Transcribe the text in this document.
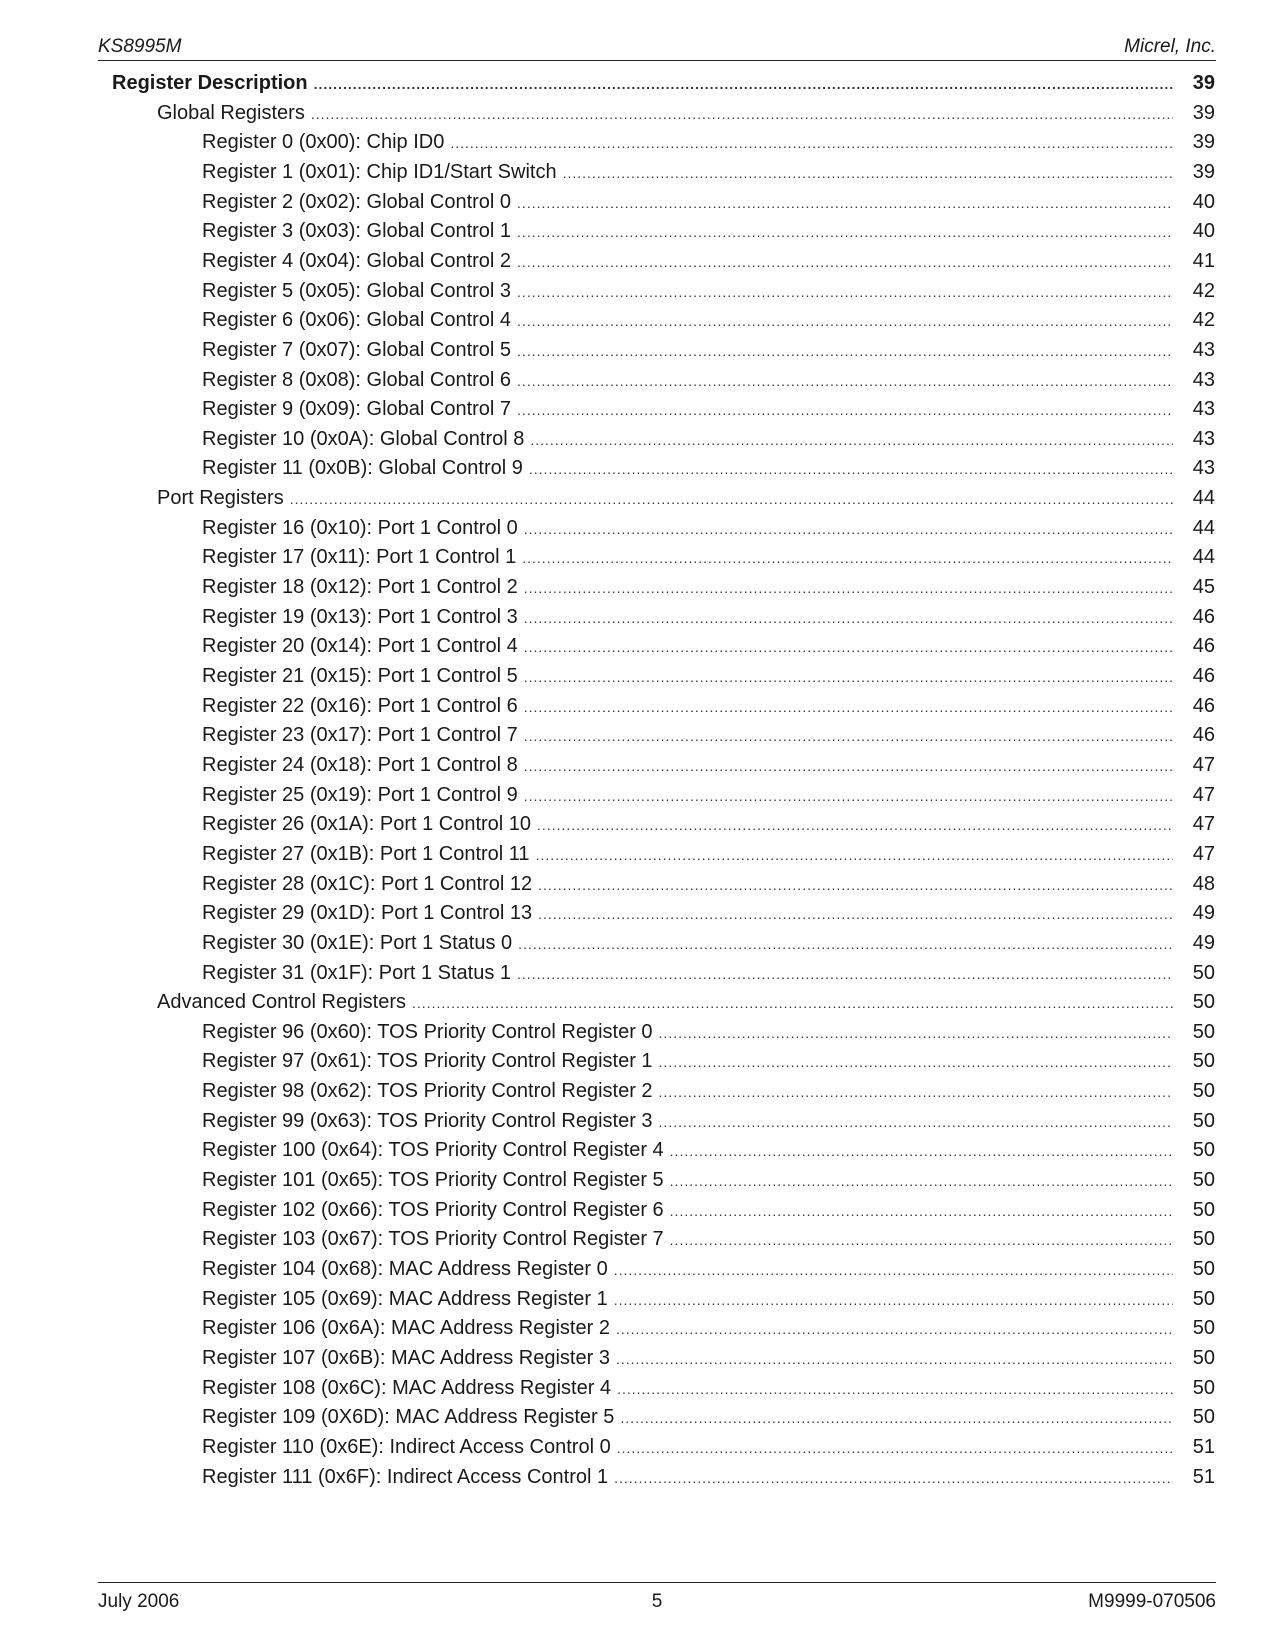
KS8995M	Micrel, Inc.
Register Description .....	39
Global Registers .....	39
Register 0 (0x00): Chip ID0 .....	39
Register 1 (0x01): Chip ID1/Start Switch .....	39
Register 2 (0x02): Global Control 0 .....	40
Register 3 (0x03): Global Control 1 .....	40
Register 4 (0x04): Global Control 2 .....	41
Register 5 (0x05): Global Control 3 .....	42
Register 6 (0x06): Global Control 4 .....	42
Register 7 (0x07): Global Control 5 .....	43
Register 8 (0x08): Global Control 6 .....	43
Register 9 (0x09): Global Control 7 .....	43
Register 10 (0x0A): Global Control 8 .....	43
Register 11 (0x0B): Global Control 9 .....	43
Port Registers .....	44
Register 16 (0x10): Port 1 Control 0 .....	44
Register 17 (0x11): Port 1 Control 1 .....	44
Register 18 (0x12): Port 1 Control 2 .....	45
Register 19 (0x13): Port 1 Control 3 .....	46
Register 20 (0x14): Port 1 Control 4 .....	46
Register 21 (0x15): Port 1 Control 5 .....	46
Register 22 (0x16): Port 1 Control 6 .....	46
Register 23 (0x17): Port 1 Control 7 .....	46
Register 24 (0x18): Port 1 Control 8 .....	47
Register 25 (0x19): Port 1 Control 9 .....	47
Register 26 (0x1A): Port 1 Control 10 .....	47
Register 27 (0x1B): Port 1 Control 11 .....	47
Register 28 (0x1C): Port 1 Control 12 .....	48
Register 29 (0x1D): Port 1 Control 13 .....	49
Register 30 (0x1E): Port 1 Status 0 .....	49
Register 31 (0x1F): Port 1 Status 1 .....	50
Advanced Control Registers .....	50
Register 96 (0x60): TOS Priority Control Register 0 .....	50
Register 97 (0x61): TOS Priority Control Register 1 .....	50
Register 98 (0x62): TOS Priority Control Register 2 .....	50
Register 99 (0x63): TOS Priority Control Register 3 .....	50
Register 100 (0x64): TOS Priority Control Register 4 .....	50
Register 101 (0x65): TOS Priority Control Register 5 .....	50
Register 102 (0x66): TOS Priority Control Register 6 .....	50
Register 103 (0x67): TOS Priority Control Register 7 .....	50
Register 104 (0x68): MAC Address Register 0 .....	50
Register 105 (0x69): MAC Address Register 1 .....	50
Register 106 (0x6A): MAC Address Register 2 .....	50
Register 107 (0x6B): MAC Address Register 3 .....	50
Register 108 (0x6C): MAC Address Register 4 .....	50
Register 109 (0X6D): MAC Address Register 5 .....	50
Register 110 (0x6E): Indirect Access Control 0 .....	51
Register 111 (0x6F): Indirect Access Control 1 .....	51
July 2006	5	M9999-070506
